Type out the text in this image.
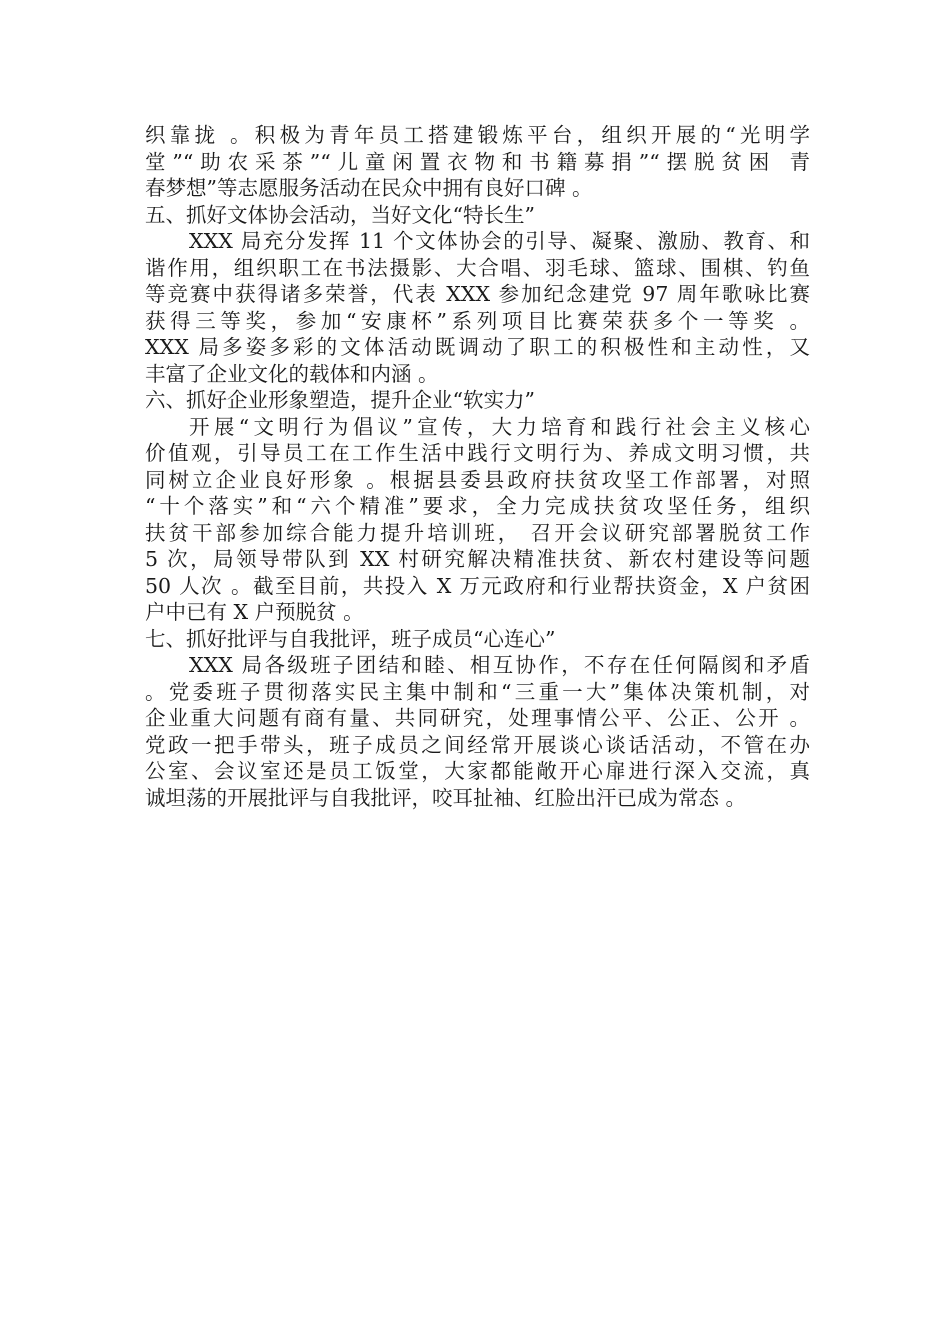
织靠拢 。积极为青年员工搭建锻炼平台，组织开展的“光明学
堂”“助农采茶”“儿童闲置衣物和书籍募捐”“摆脱贫困 青
春梦想”等志愿服务活动在民众中拥有良好口碑 。

五、抓好文体协会活动，当好文化“特长生”

XXX 局充分发挥 11 个文体协会的引导、凝聚、激励、教育、和
谐作用，组织职工在书法摄影、大合唱、羽毛球、篮球、围棋、钓鱼
等竞赛中获得诸多荣誉，代表 XXX 参加纪念建党 97 周年歌咏比赛
获得三等奖，参加“安康杯”系列项目比赛荣获多个一等奖 。
XXX 局多姿多彩的文体活动既调动了职工的积极性和主动性，又
丰富了企业文化的载体和内涵 。

六、抓好企业形象塑造，提升企业“软实力”

开展“文明行为倡议”宣传，大力培育和践行社会主义核心
价值观，引导员工在工作生活中践行文明行为、养成文明习惯，共
同树立企业良好形象 。根据县委县政府扶贫攻坚工作部署，对照
“十个落实”和“六个精准”要求，全力完成扶贫攻坚任务，组织
扶贫干部参加综合能力提升培训班， 召开会议研究部署脱贫工作
5 次，局领导带队到 XX 村研究解决精准扶贫、新农村建设等问题
50 人次 。截至目前，共投入 X 万元政府和行业帮扶资金，X 户贫困
户中已有 X 户预脱贫 。

七、抓好批评与自我批评，班子成员“心连心”

XXX 局各级班子团结和睦、相互协作，不存在任何隔阂和矛盾
。党委班子贯彻落实民主集中制和“三重一大”集体决策机制，对
企业重大问题有商有量、共同研究，处理事情公平、公正、公开 。
党政一把手带头，班子成员之间经常开展谈心谈话活动，不管在办
公室、会议室还是员工饭堂，大家都能敞开心扉进行深入交流，真
诚坦荡的开展批评与自我批评，咬耳扯袖、红脸出汗已成为常态 。
